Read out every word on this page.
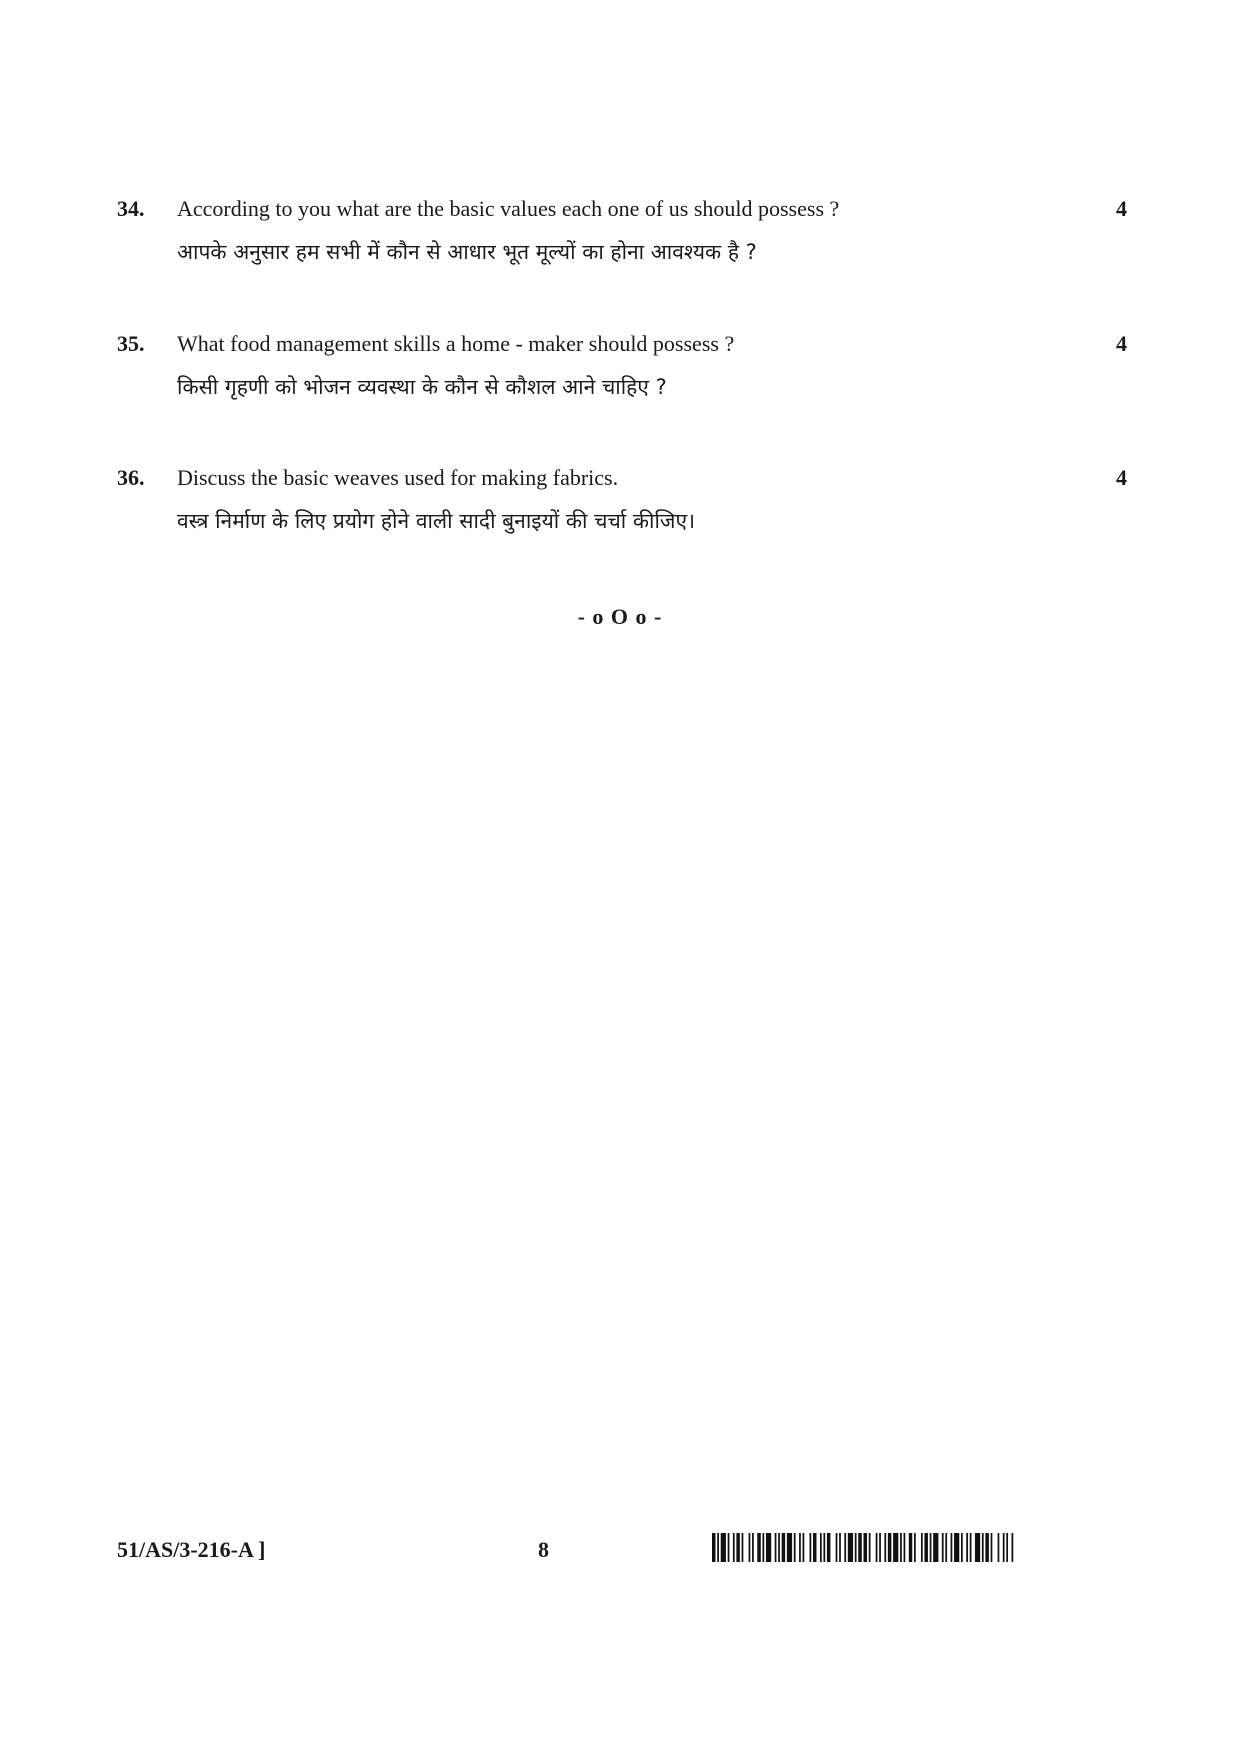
34. According to you what are the basic values each one of us should possess ?
आपके अनुसार हम सभी में कौन से आधार भूत मूल्यों का होना आवश्यक है ?
4
35. What food management skills a home - maker should possess ?
किसी गृहणी को भोजन व्यवस्था के कौन से कौशल आने चाहिए ?
4
36. Discuss the basic weaves used for making fabrics.
वस्त्र निर्माण के लिए प्रयोग होने वाली सादी बुनाइयों की चर्चा कीजिए।
4
- o O o -
51/AS/3-216-A ]	8
